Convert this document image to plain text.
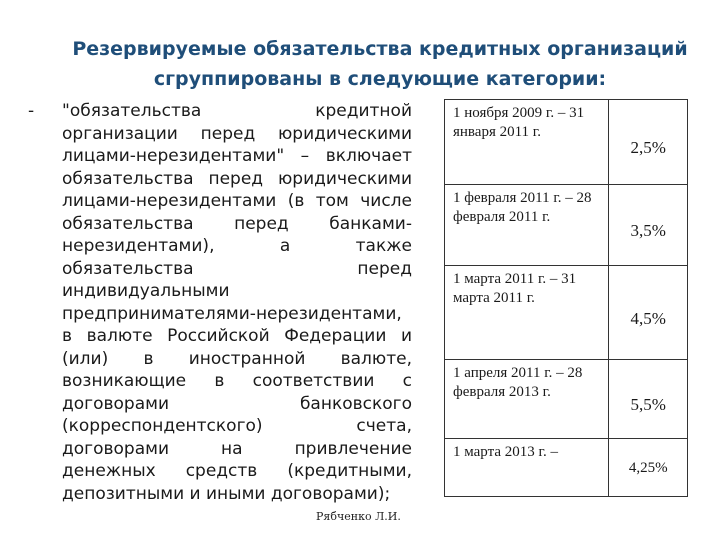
Резервируемые обязательства кредитных организаций
сгруппированы в следующие категории:
- "обязательства кредитной организации перед юридическими лицами-нерезидентами" – включает обязательства перед юридическими лицами-нерезидентами (в том числе обязательства перед банками-нерезидентами), а также обязательства перед индивидуальными предпринимателями-нерезидентами, в валюте Российской Федерации и (или) в иностранной валюте, возникающие в соответствии с договорами банковского (корреспондентского) счета, договорами на привлечение денежных средств (кредитными, депозитными и иными договорами);
1 ноября 2009 г. – 31 января 2011 г.	2,5%
1 февраля 2011 г. – 28 февраля 2011 г.	3,5%
1 марта 2011 г. – 31 марта 2011 г.	4,5%
1 апреля 2011 г. – 28 февраля 2013 г.	5,5%
1 марта 2013 г. –	4,25%
Рябченко Л.И.
